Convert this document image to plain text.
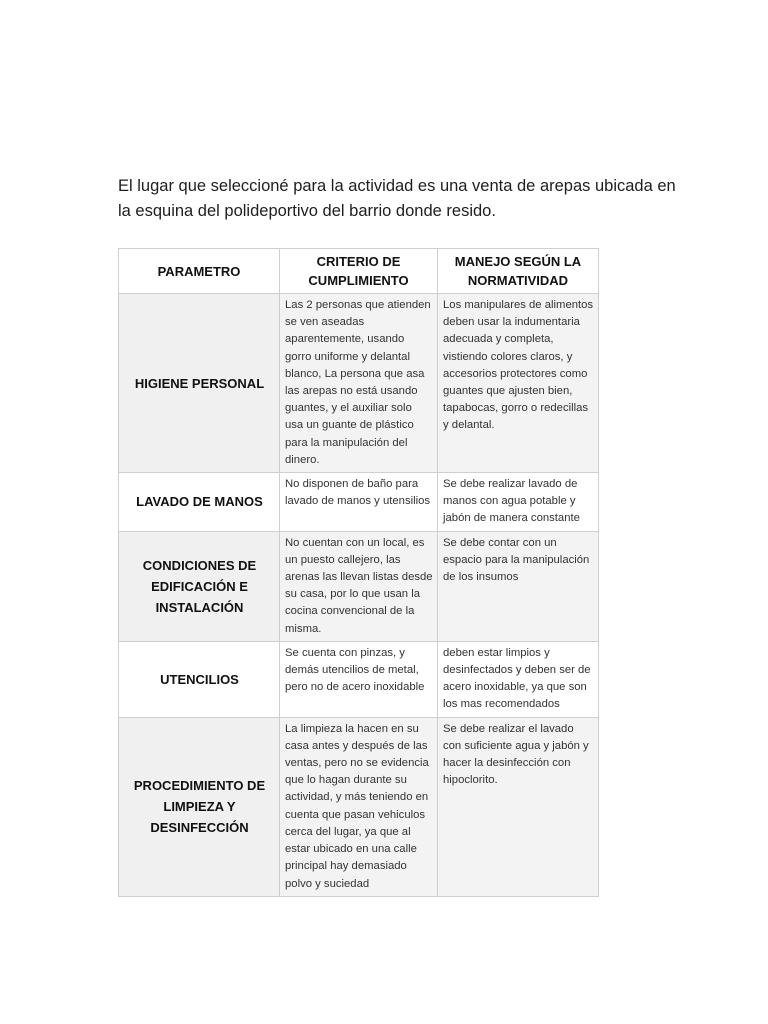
El lugar que seleccioné para la actividad es una venta de arepas ubicada en la esquina del polideportivo del barrio donde resido.

PARAMETRO	CRITERIO DE CUMPLIMIENTO	MANEJO SEGÚN LA NORMATIVIDAD
HIGIENE PERSONAL	Las 2 personas que atienden se ven aseadas aparentemente, usando gorro uniforme y delantal blanco, La persona que asa las arepas no está usando guantes, y el auxiliar solo usa un guante de plástico para la manipulación del dinero.	Los manipulares de alimentos deben usar la indumentaria adecuada y completa, vistiendo colores claros, y accesorios protectores como guantes que ajusten bien, tapabocas, gorro o redecillas y delantal.
LAVADO DE MANOS	No disponen de baño para lavado de manos y utensilios	Se debe realizar lavado de manos con agua potable y jabón de manera constante
CONDICIONES DE EDIFICACIÓN E INSTALACIÓN	No cuentan con un local, es un puesto callejero, las arenas las llevan listas desde su casa, por lo que usan la cocina convencional de la misma.	Se debe contar con un espacio para la manipulación de los insumos
UTENCILIOS	Se cuenta con pinzas, y demás utencilios de metal, pero no de acero inoxidable	deben estar limpios y desinfectados y deben ser de acero inoxidable, ya que son los mas recomendados
PROCEDIMIENTO DE LIMPIEZA Y DESINFECCIÓN	La limpieza la hacen en su casa antes y después de las ventas, pero no se evidencia que lo hagan durante su actividad, y más teniendo en cuenta que pasan vehiculos cerca del lugar, ya que al estar ubicado en una calle principal hay demasiado polvo y suciedad	Se debe realizar el lavado con suficiente agua y jabón y hacer la desinfección con hipoclorito.
